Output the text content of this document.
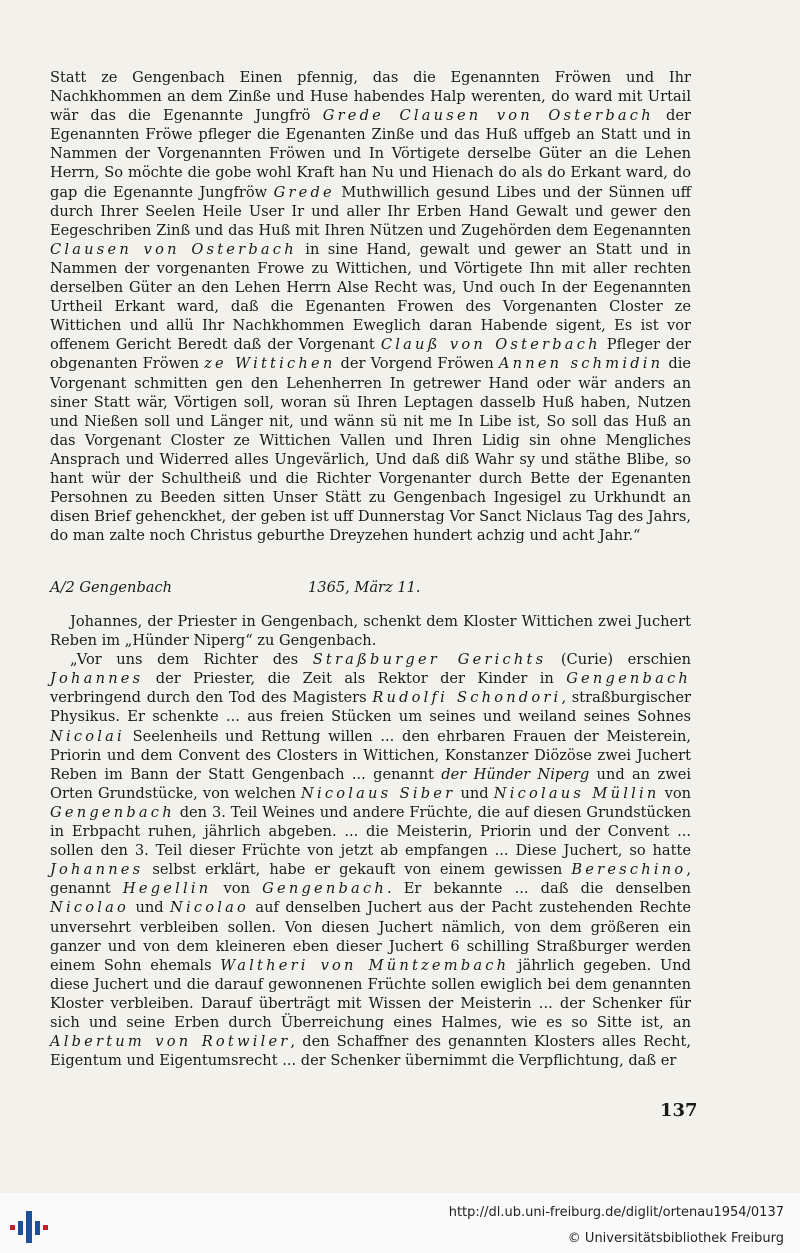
Statt ze Gengenbach Einen pfennig, das die Egenannten Fröwen und Ihr Nachkhommen an dem Zinße und Huse habendes Halp werenten, do ward mit Urtail wär das die Egenannte Jungfrö Grede Clausen von Osterbach der Egenannten Fröwe pfleger die Egenanten Zinße und das Huß uffgeb an Statt und in Nammen der Vorgenannten Fröwen und In Vörtigete derselbe Güter an die Lehen Herrn, So möchte die gobe wohl Kraft han Nu und Hienach do als do Erkant ward, do gap die Egenannte Jungfröw Grede Muthwillich gesund Libes und der Sünnen uff durch Ihrer Seelen Heile User Ir und aller Ihr Erben Hand Gewalt und gewer den Eegeschriben Zinß und das Huß mit Ihren Nützen und Zugehörden dem Eegenannten Clausen von Osterbach in sine Hand, gewalt und gewer an Statt und in Nammen der vorgenanten Frowe zu Wittichen, und Vörtigete Ihn mit aller rechten derselben Güter an den Lehen Herrn Alse Recht was, Und ouch In der Eegenannten Urtheil Erkant ward, daß die Egenanten Frowen des Vorgenanten Closter ze Wittichen und allü Ihr Nachkhommen Eweglich daran Habende sigent, Es ist vor offenem Gericht Beredt daß der Vorgenant Clauß von Osterbach Pfleger der obgenanten Fröwen ze Wittichen der Vorgend Fröwen Annen schmidin die Vorgenant schmitten gen den Lehenherren In getrewer Hand oder wär anders an siner Statt wär, Vörtigen soll, woran sü Ihren Leptagen dasselb Huß haben, Nutzen und Nießen soll und Länger nit, und wänn sü nit me In Libe ist, So soll das Huß an das Vorgenant Closter ze Wittichen Vallen und Ihren Lidig sin ohne Mengliches Ansprach und Widerred alles Ungevärlich, Und daß diß Wahr sy und stäthe Blibe, so hant wür der Schultheiß und die Richter Vorgenanter durch Bette der Egenanten Persohnen zu Beeden sitten Unser Stätt zu Gengenbach Ingesigel zu Urkhundt an disen Brief gehenckhet, der geben ist uff Dunnerstag Vor Sanct Niclaus Tag des Jahrs, do man zalte noch Christus geburthe Dreyzehen hundert achzig und acht Jahr.“

A/2 Gengenbach	1365, März 11.

Johannes, der Priester in Gengenbach, schenkt dem Kloster Wittichen zwei Juchert Reben im „Hünder Niperg“ zu Gengenbach.

„Vor uns dem Richter des Straßburger Gerichts (Curie) erschien Johannes der Priester, die Zeit als Rektor der Kinder in Gengenbach verbringend durch den Tod des Magisters Rudolfi Schondori, straßburgischer Physikus. Er schenkte ... aus freien Stücken um seines und weiland seines Sohnes Nicolai Seelenheils und Rettung willen ... den ehrbaren Frauen der Meisterein, Priorin und dem Convent des Closters in Wittichen, Konstanzer Diözöse zwei Juchert Reben im Bann der Statt Gengenbach ... genannt der Hünder Niperg und an zwei Orten Grundstücke, von welchen Nicolaus Siber und Nicolaus Müllin von Gengenbach den 3. Teil Weines und andere Früchte, die auf diesen Grundstücken in Erbpacht ruhen, jährlich abgeben. ... die Meisterin, Priorin und der Convent ... sollen den 3. Teil dieser Früchte von jetzt ab empfangen ... Diese Juchert, so hatte Johannes selbst erklärt, habe er gekauft von einem gewissen Bereschino, genannt Hegellin von Gengenbach. Er bekannte ... daß die denselben Nicolao und Nicolao auf denselben Juchert aus der Pacht zustehenden Rechte unversehrt verbleiben sollen. Von diesen Juchert nämlich, von dem größeren ein ganzer und von dem kleineren eben dieser Juchert 6 schilling Straßburger werden einem Sohn ehemals Waltheri von Müntzembach jährlich gegeben. Und diese Juchert und die darauf gewonnenen Früchte sollen ewiglich bei dem genannten Kloster verbleiben. Darauf überträgt mit Wissen der Meisterin ... der Schenker für sich und seine Erben durch Überreichung eines Halmes, wie es so Sitte ist, an Albertum von Rotwiler, den Schaffner des genannten Klosters alles Recht, Eigentum und Eigentumsrecht ... der Schenker übernimmt die Verpflichtung, daß er

137
http://dl.ub.uni-freiburg.de/diglit/ortenau1954/0137
© Universitätsbibliothek Freiburg
